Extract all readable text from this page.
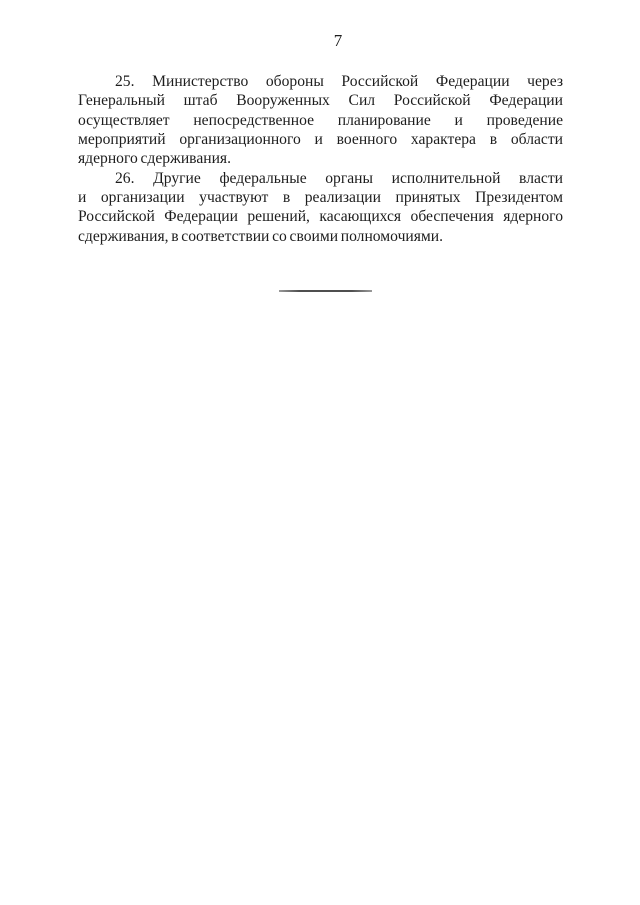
7

25. Министерство обороны Российской Федерации через
Генеральный штаб Вооруженных Сил Российской Федерации
осуществляет непосредственное планирование и проведение
мероприятий организационного и военного характера в области
ядерного сдерживания.

26. Другие федеральные органы исполнительной власти
и организации участвуют в реализации принятых Президентом
Российской Федерации решений, касающихся обеспечения ядерного
сдерживания, в соответствии со своими полномочиями.
